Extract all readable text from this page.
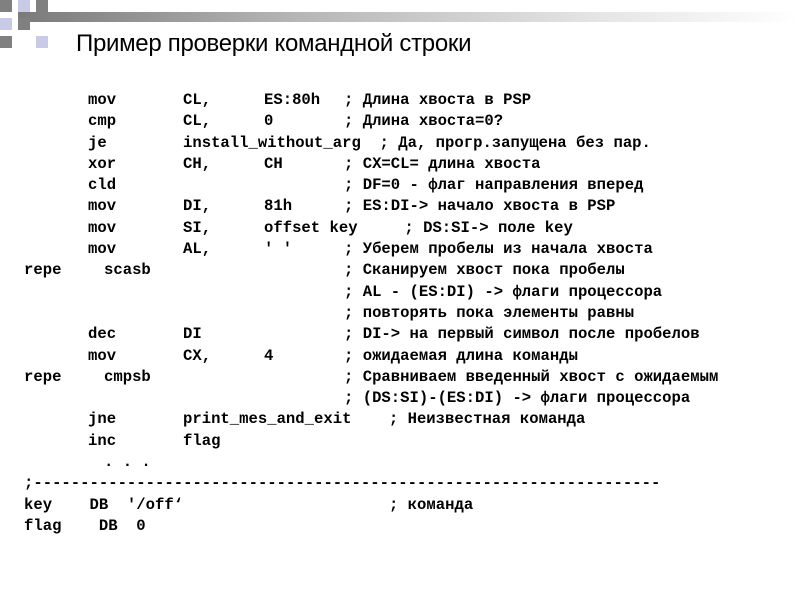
Пример проверки командной строки
mov	CL,	ES:80h ; Длина хвоста в PSP
cmp	CL,	0	; Длина хвоста=0?
je	install_without_arg  ; Да, прогр.запущена без пар.
xor	CH,	CH	; CX=CL= длина хвоста
cld	; DF=0 - флаг направления вперед
mov	DI,	81h	; ES:DI-> начало хвоста в PSP
mov	SI,	offset key     ; DS:SI-> поле key
mov	AL,	' '	; Уберем пробелы из начала хвоста
repe	scasb	; Сканируем хвост пока пробелы
; AL - (ES:DI) -> флаги процессора
; повторять пока элементы равны
dec	DI	; DI-> на первый символ после пробелов
mov	CX,	4	; ожидаемая длина команды
repe	cmpsb	; Сравниваем введенный хвост с ожидаемым
; (DS:SI)-(ES:DI) -> флаги процессора
jne	print_mes_and_exit    ; Неизвестная команда
inc	flag
. . .
;-------------------------------------------------------------------
key    DB  '/off‘                      ; команда
flag    DB  0
